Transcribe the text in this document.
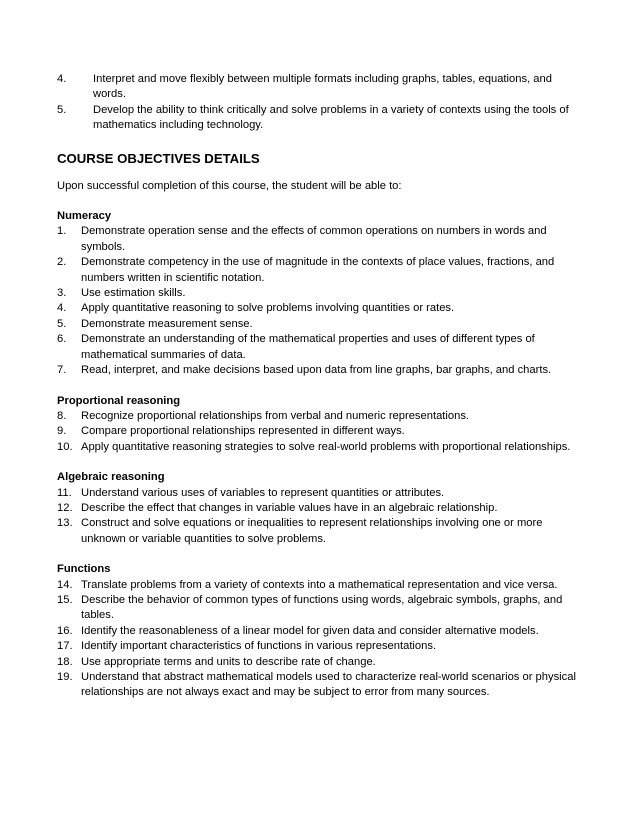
4.	Interpret and move flexibly between multiple formats including graphs, tables, equations, and words.
5.	Develop the ability to think critically and solve problems in a variety of contexts using the tools of mathematics including technology.
COURSE OBJECTIVES DETAILS
Upon successful completion of this course, the student will be able to:
Numeracy
1.	Demonstrate operation sense and the effects of common operations on numbers in words and symbols.
2.	Demonstrate competency in the use of magnitude in the contexts of place values, fractions, and numbers written in scientific notation.
3.	Use estimation skills.
4.	Apply quantitative reasoning to solve problems involving quantities or rates.
5.	Demonstrate measurement sense.
6.	Demonstrate an understanding of the mathematical properties and uses of different types of mathematical summaries of data.
7.	Read, interpret, and make decisions based upon data from line graphs, bar graphs, and charts.
Proportional reasoning
8.	Recognize proportional relationships from verbal and numeric representations.
9.	Compare proportional relationships represented in different ways.
10. Apply quantitative reasoning strategies to solve real-world problems with proportional relationships.
Algebraic reasoning
11. Understand various uses of variables to represent quantities or attributes.
12. Describe the effect that changes in variable values have in an algebraic relationship.
13. Construct and solve equations or inequalities to represent relationships involving one or more unknown or variable quantities to solve problems.
Functions
14. Translate problems from a variety of contexts into a mathematical representation and vice versa.
15. Describe the behavior of common types of functions using words, algebraic symbols, graphs, and tables.
16. Identify the reasonableness of a linear model for given data and consider alternative models.
17. Identify important characteristics of functions in various representations.
18. Use appropriate terms and units to describe rate of change.
19. Understand that abstract mathematical models used to characterize real-world scenarios or physical relationships are not always exact and may be subject to error from many sources.
